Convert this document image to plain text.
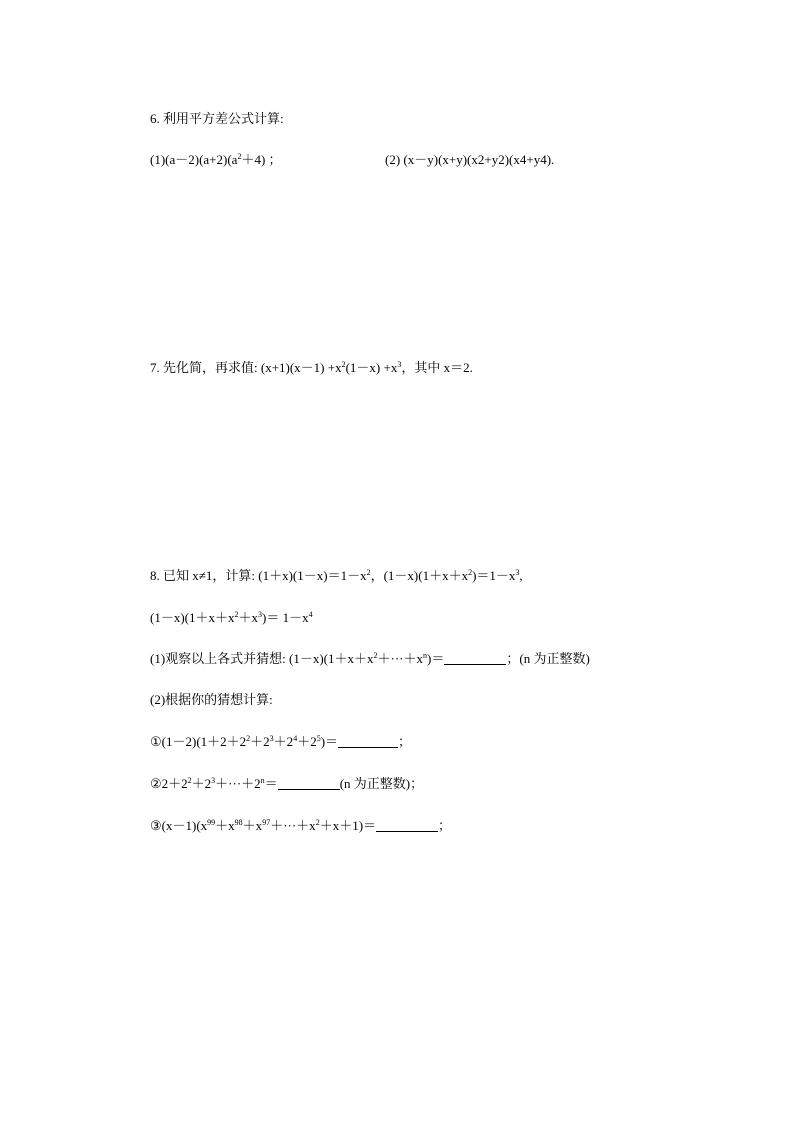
6. 利用平方差公式计算:
$(1)(a-2)(a+2)(a^2+4)$ ；	(2) (x－y)(x+y)(x2+y2)(x4+y4).
7. 先化简，再求值: $(x+1)(x-1) +x^2(1-x) +x^3$，其中 x＝2.
8. 已知 x≠1，计算: $(1+x)(1-x)=1-x^2$，$(1-x)(1+x+x^2)=1-x^3$,
$(1-x)(1+x+x^2+x^3)= 1-x^4$
(1)观察以上各式并猜想: $(1-x)(1+x+x^2+\cdot\cdot\cdot+x^n)=$	；(n 为正整数)
(2)根据你的猜想计算:
$①(1-2)(1+2+2^2+2^3+2^4+2^5)=$	；
$②2+2^2+2^3+\cdot\cdot\cdot+2^n=$	(n 为正整数)；
$③(x-1)(x^{99}+x^{98}+x^{97}+\cdot\cdot\cdot+x^2+x+1)=$	；
